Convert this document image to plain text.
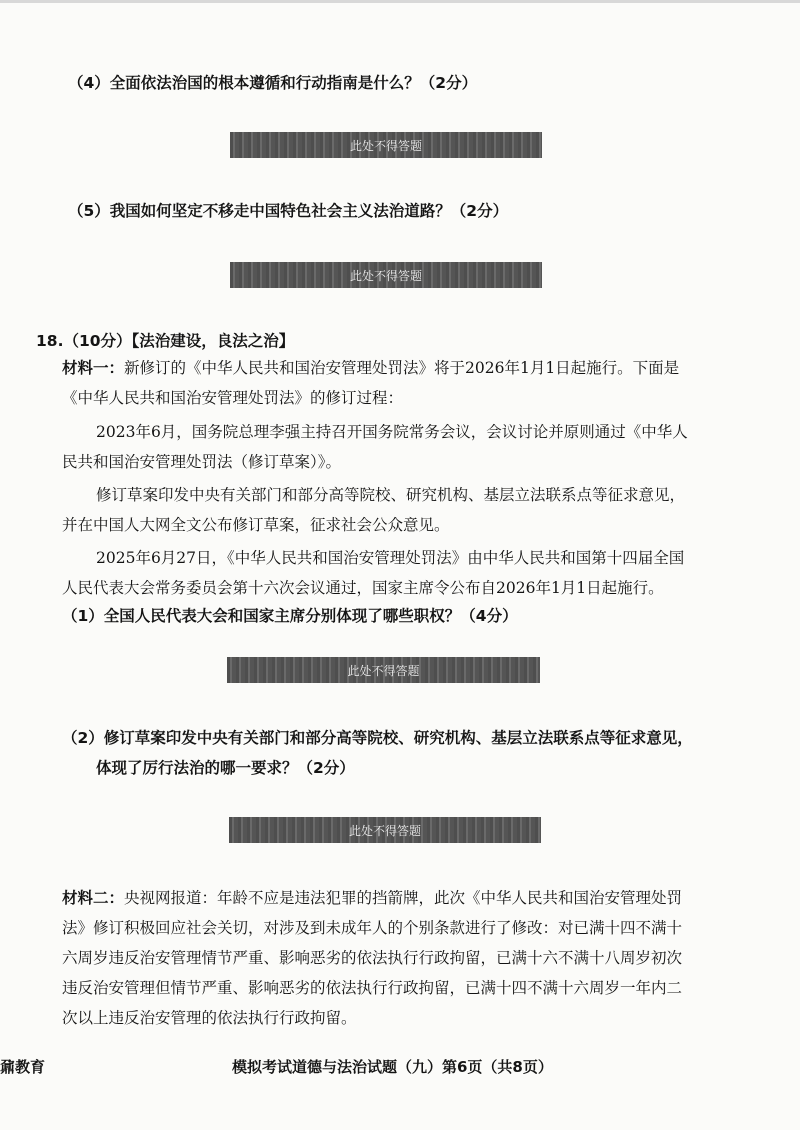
（4）全面依法治国的根本遵循和行动指南是什么？（2分）
此处不得答题
（5）我国如何坚定不移走中国特色社会主义法治道路？（2分）
此处不得答题
18.（10分）【法治建设，良法之治】
材料一：新修订的《中华人民共和国治安管理处罚法》将于2026年1月1日起施行。下面是
《中华人民共和国治安管理处罚法》的修订过程：
2023年6月，国务院总理李强主持召开国务院常务会议，会议讨论并原则通过《中华人
民共和国治安管理处罚法（修订草案）》。
修订草案印发中央有关部门和部分高等院校、研究机构、基层立法联系点等征求意见，
并在中国人大网全文公布修订草案，征求社会公众意见。
2025年6月27日，《中华人民共和国治安管理处罚法》由中华人民共和国第十四届全国
人民代表大会常务委员会第十六次会议通过，国家主席令公布自2026年1月1日起施行。
（1）全国人民代表大会和国家主席分别体现了哪些职权？（4分）
此处不得答题
（2）修订草案印发中央有关部门和部分高等院校、研究机构、基层立法联系点等征求意见，
体现了厉行法治的哪一要求？（2分）
此处不得答题
材料二：央视网报道：年龄不应是违法犯罪的挡箭牌，此次《中华人民共和国治安管理处罚
法》修订积极回应社会关切，对涉及到未成年人的个别条款进行了修改：对已满十四不满十
六周岁违反治安管理情节严重、影响恶劣的依法执行行政拘留，已满十六不满十八周岁初次
违反治安管理但情节严重、影响恶劣的依法执行行政拘留，已满十四不满十六周岁一年内二
次以上违反治安管理的依法执行行政拘留。
鼐教育	模拟考试道德与法治试题（九） 第6页（共8页）
